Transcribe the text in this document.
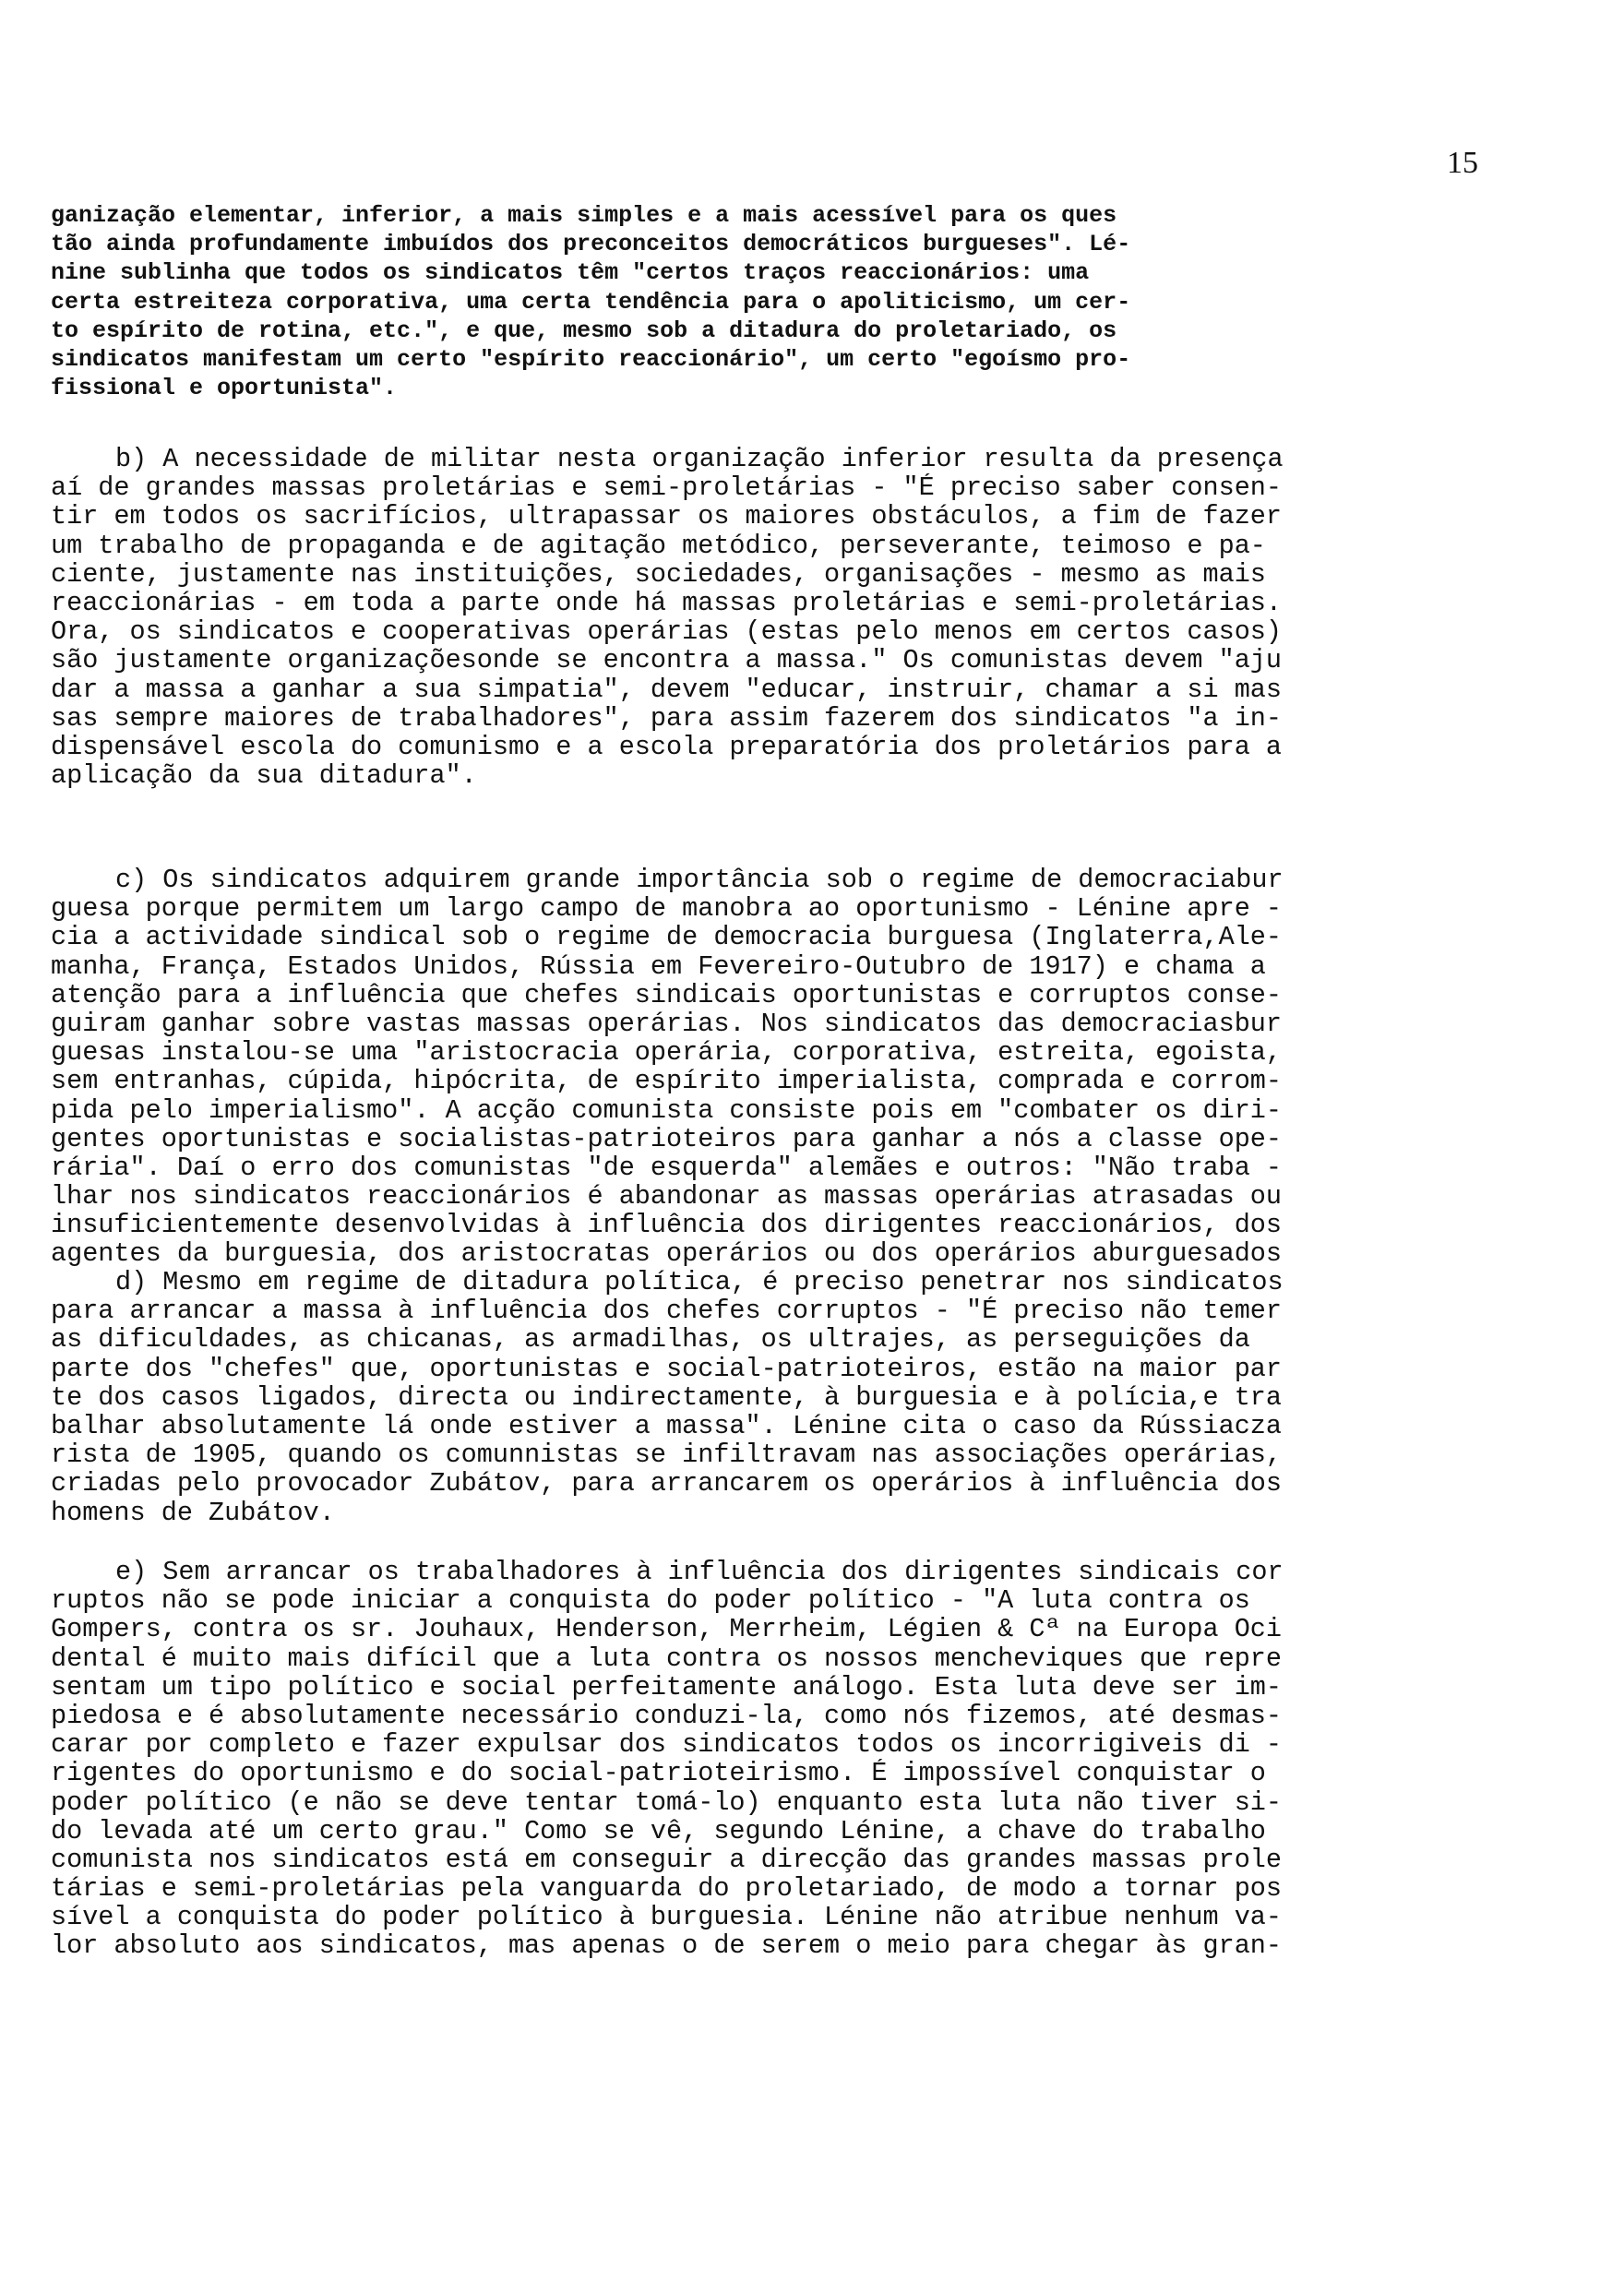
15
ganização elementar, inferior, a mais simples e a mais acessível para os ques
tão ainda profundamente imbuídos dos preconceitos democráticos burgueses". Lé-
nine sublinha que todos os sindicatos têm "certos traços reaccionários: uma
certa estreiteza corporativa, uma certa tendência para o apoliticismo, um cer-
to espírito de rotina, etc.", e que, mesmo sob a ditadura do proletariado, os
sindicatos manifestam um certo "espírito reaccionário", um certo "egoísmo pro-
fissional e oportunista".
b) A necessidade de militar nesta organização inferior resulta da presença
aí de grandes massas proletárias e semi-proletárias - "É preciso saber consen-
tir em todos os sacrifícios, ultrapassar os maiores obstáculos, a fim de fazer
um trabalho de propaganda e de agitação metódico, perseverante, teimoso e pa-
ciente, justamente nas instituições, sociedades, organisações - mesmo as mais
reaccionárias - em toda a parte onde há massas proletárias e semi-proletárias.
Ora, os sindicatos e cooperativas operárias (estas pelo menos em certos casos)
são justamente organizaçõesonde se encontra a massa." Os comunistas devem "aju
dar a massa a ganhar a sua simpatia", devem "educar, instruir, chamar a si mas
sas sempre maiores de trabalhadores", para assim fazerem dos sindicatos "a in-
dispensável escola do comunismo e a escola preparatória dos proletários para a
aplicação da sua ditadura".
c) Os sindicatos adquirem grande importância sob o regime de democraciabur
guesa porque permitem um largo campo de manobra ao oportunismo - Lénine apre -
cia a actividade sindical sob o regime de democracia burguesa (Inglaterra,Ale-
manha, França, Estados Unidos, Rússia em Fevereiro-Outubro de 1917) e chama a
atenção para a influência que chefes sindicais oportunistas e corruptos conse-
guiram ganhar sobre vastas massas operárias. Nos sindicatos das democraciasbur
guesas instalou-se uma "aristocracia operária, corporativa, estreita, egoista,
sem entranhas, cúpida, hipócrita, de espírito imperialista, comprada e corrom-
pida pelo imperialismo". A acção comunista consiste pois em "combater os diri-
gentes oportunistas e socialistas-patrioteiros para ganhar a nós a classe ope-
rária". Daí o erro dos comunistas "de esquerda" alemães e outros: "Não traba -
lhar nos sindicatos reaccionários é abandonar as massas operárias atrasadas ou
insuficientemente desenvolvidas à influência dos dirigentes reaccionários, dos
agentes da burguesia, dos aristocratas operários ou dos operários aburguesados
d) Mesmo em regime de ditadura política, é preciso penetrar nos sindicatos
para arrancar a massa à influência dos chefes corruptos - "É preciso não temer
as dificuldades, as chicanas, as armadilhas, os ultrajes, as perseguições da
parte dos "chefes" que, oportunistas e social-patrioteiros, estão na maior par
te dos casos ligados, directa ou indirectamente, à burguesia e à polícia,e tra
balhar absolutamente lá onde estiver a massa". Lénine cita o caso da Rússiacza
rista de 1905, quando os comunnistas se infiltravam nas associações operárias,
criadas pelo provocador Zubátov, para arrancarem os operários à influência dos
homens de Zubátov.
e) Sem arrancar os trabalhadores à influência dos dirigentes sindicais cor
ruptos não se pode iniciar a conquista do poder político - "A luta contra os
Gompers, contra os sr. Jouhaux, Henderson, Merrheim, Légien & Cª na Europa Oci
dental é muito mais difícil que a luta contra os nossos mencheviques que repre
sentam um tipo político e social perfeitamente análogo. Esta luta deve ser im-
piedosa e é absolutamente necessário conduzi-la, como nós fizemos, até desmas-
carar por completo e fazer expulsar dos sindicatos todos os incorrigiveis di -
rigentes do oportunismo e do social-patrioteirismo. É impossível conquistar o
poder político (e não se deve tentar tomá-lo) enquanto esta luta não tiver si-
do levada até um certo grau." Como se vê, segundo Lénine, a chave do trabalho
comunista nos sindicatos está em conseguir a direcção das grandes massas prole
tárias e semi-proletárias pela vanguarda do proletariado, de modo a tornar pos
sível a conquista do poder político à burguesia. Lénine não atribue nenhum va-
lor absoluto aos sindicatos, mas apenas o de serem o meio para chegar às gran-
